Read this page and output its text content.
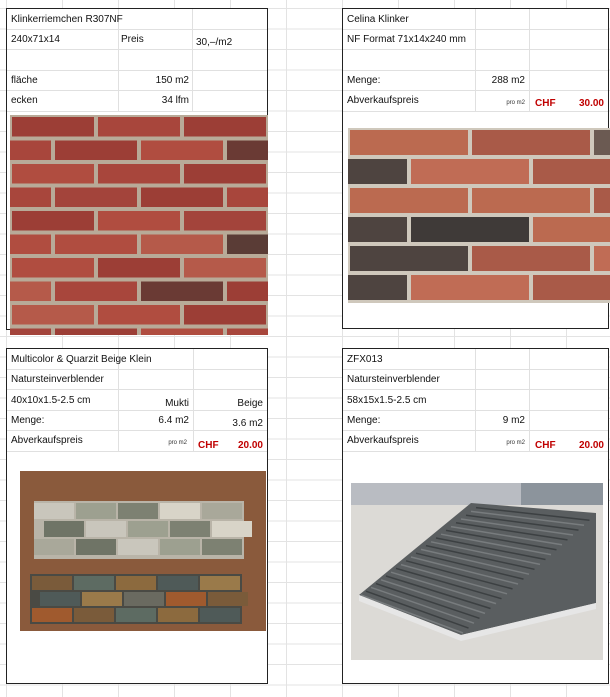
Klinkerriemchen R307NF
240x71x14	Preis	30,–/m2
fläche	150 m2
ecken	34 lfm
Celina Klinker
NF Format 71x14x240 mm
Menge:	288 m2
Abverkaufspreis	pro m2 CHF	30.00
Multicolor & Quarzit Beige Klein
Natursteinverblender
40x10x1.5-2.5 cm	Mukti	Beige
Menge:	6.4 m2	3.6 m2
Abverkaufspreis	pro m2 CHF	20.00
ZFX013
Natursteinverblender
58x15x1.5-2.5 cm
Menge:	9 m2
Abverkaufspreis	pro m2 CHF	20.00
